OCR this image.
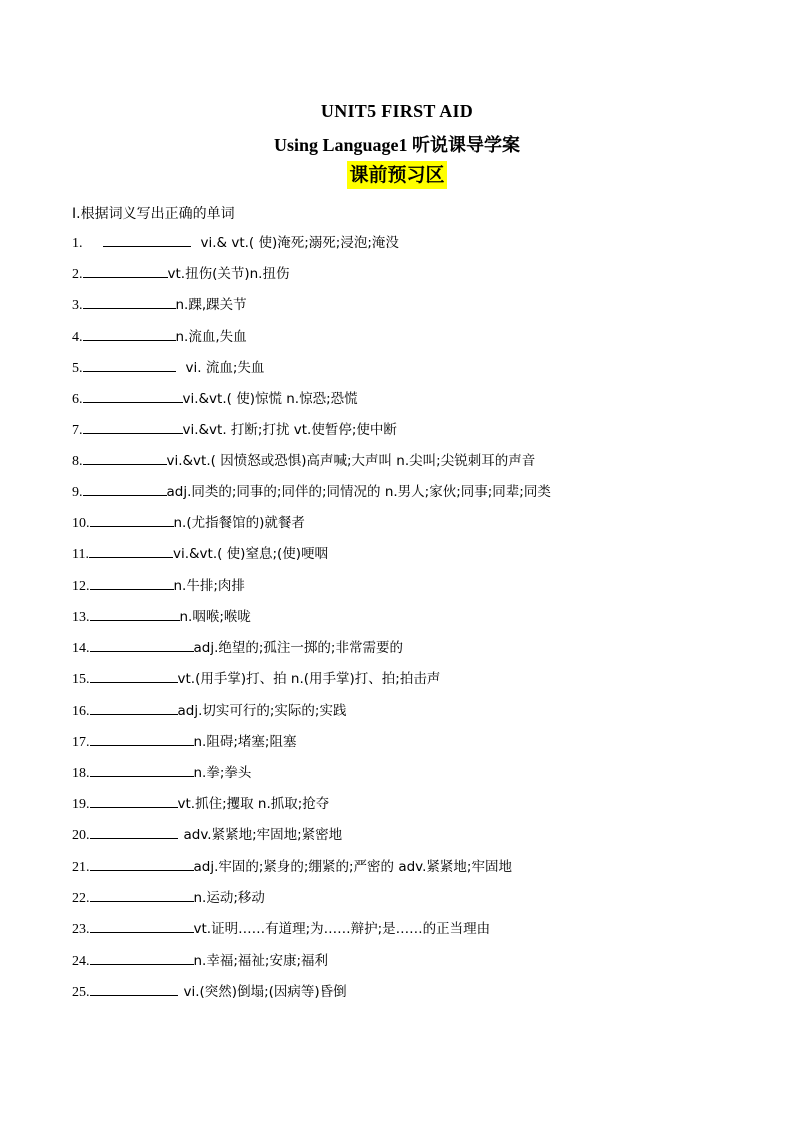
UNIT5 FIRST AID
Using Language1 听说课导学案
课前预习区
I.根据词义写出正确的单词
1.	vi.& vt.( 使)淹死;溺死;浸泡;淹没
2.	vt.扭伤(关节)n.扭伤
3.	n.踝,踝关节
4.	n.流血,失血
5.	vi. 流血;失血
6.	vi.&vt.( 使)惊慌 n.惊恐;恐慌
7.	vi.&vt. 打断;打扰 vt.使暂停;使中断
8.	vi.&vt.( 因愤怒或恐惧)高声喊;大声叫 n.尖叫;尖锐刺耳的声音
9.	adj.同类的;同事的;同伴的;同情况的 n.男人;家伙;同事;同辈;同类
10.	n.(尤指餐馆的)就餐者
11.	vi.&vt.( 使)窒息;(使)哽咽
12.	n.牛排;肉排
13.	n.咽喉;喉咙
14.	adj.绝望的;孤注一掷的;非常需要的
15.	vt.(用手掌)打、拍 n.(用手掌)打、拍;拍击声
16.	adj.切实可行的;实际的;实践
17.	n.阻碍;堵塞;阻塞
18.	n.拳;拳头
19.	vt.抓住;攫取 n.抓取;抢夺
20.	adv.紧紧地;牢固地;紧密地
21.	adj.牢固的;紧身的;绷紧的;严密的 adv.紧紧地;牢固地
22.	n.运动;移动
23.	vt.证明……有道理;为……辩护;是……的正当理由
24.	n.幸福;福祉;安康;福利
25.	vi.(突然)倒塌;(因病等)昏倒
